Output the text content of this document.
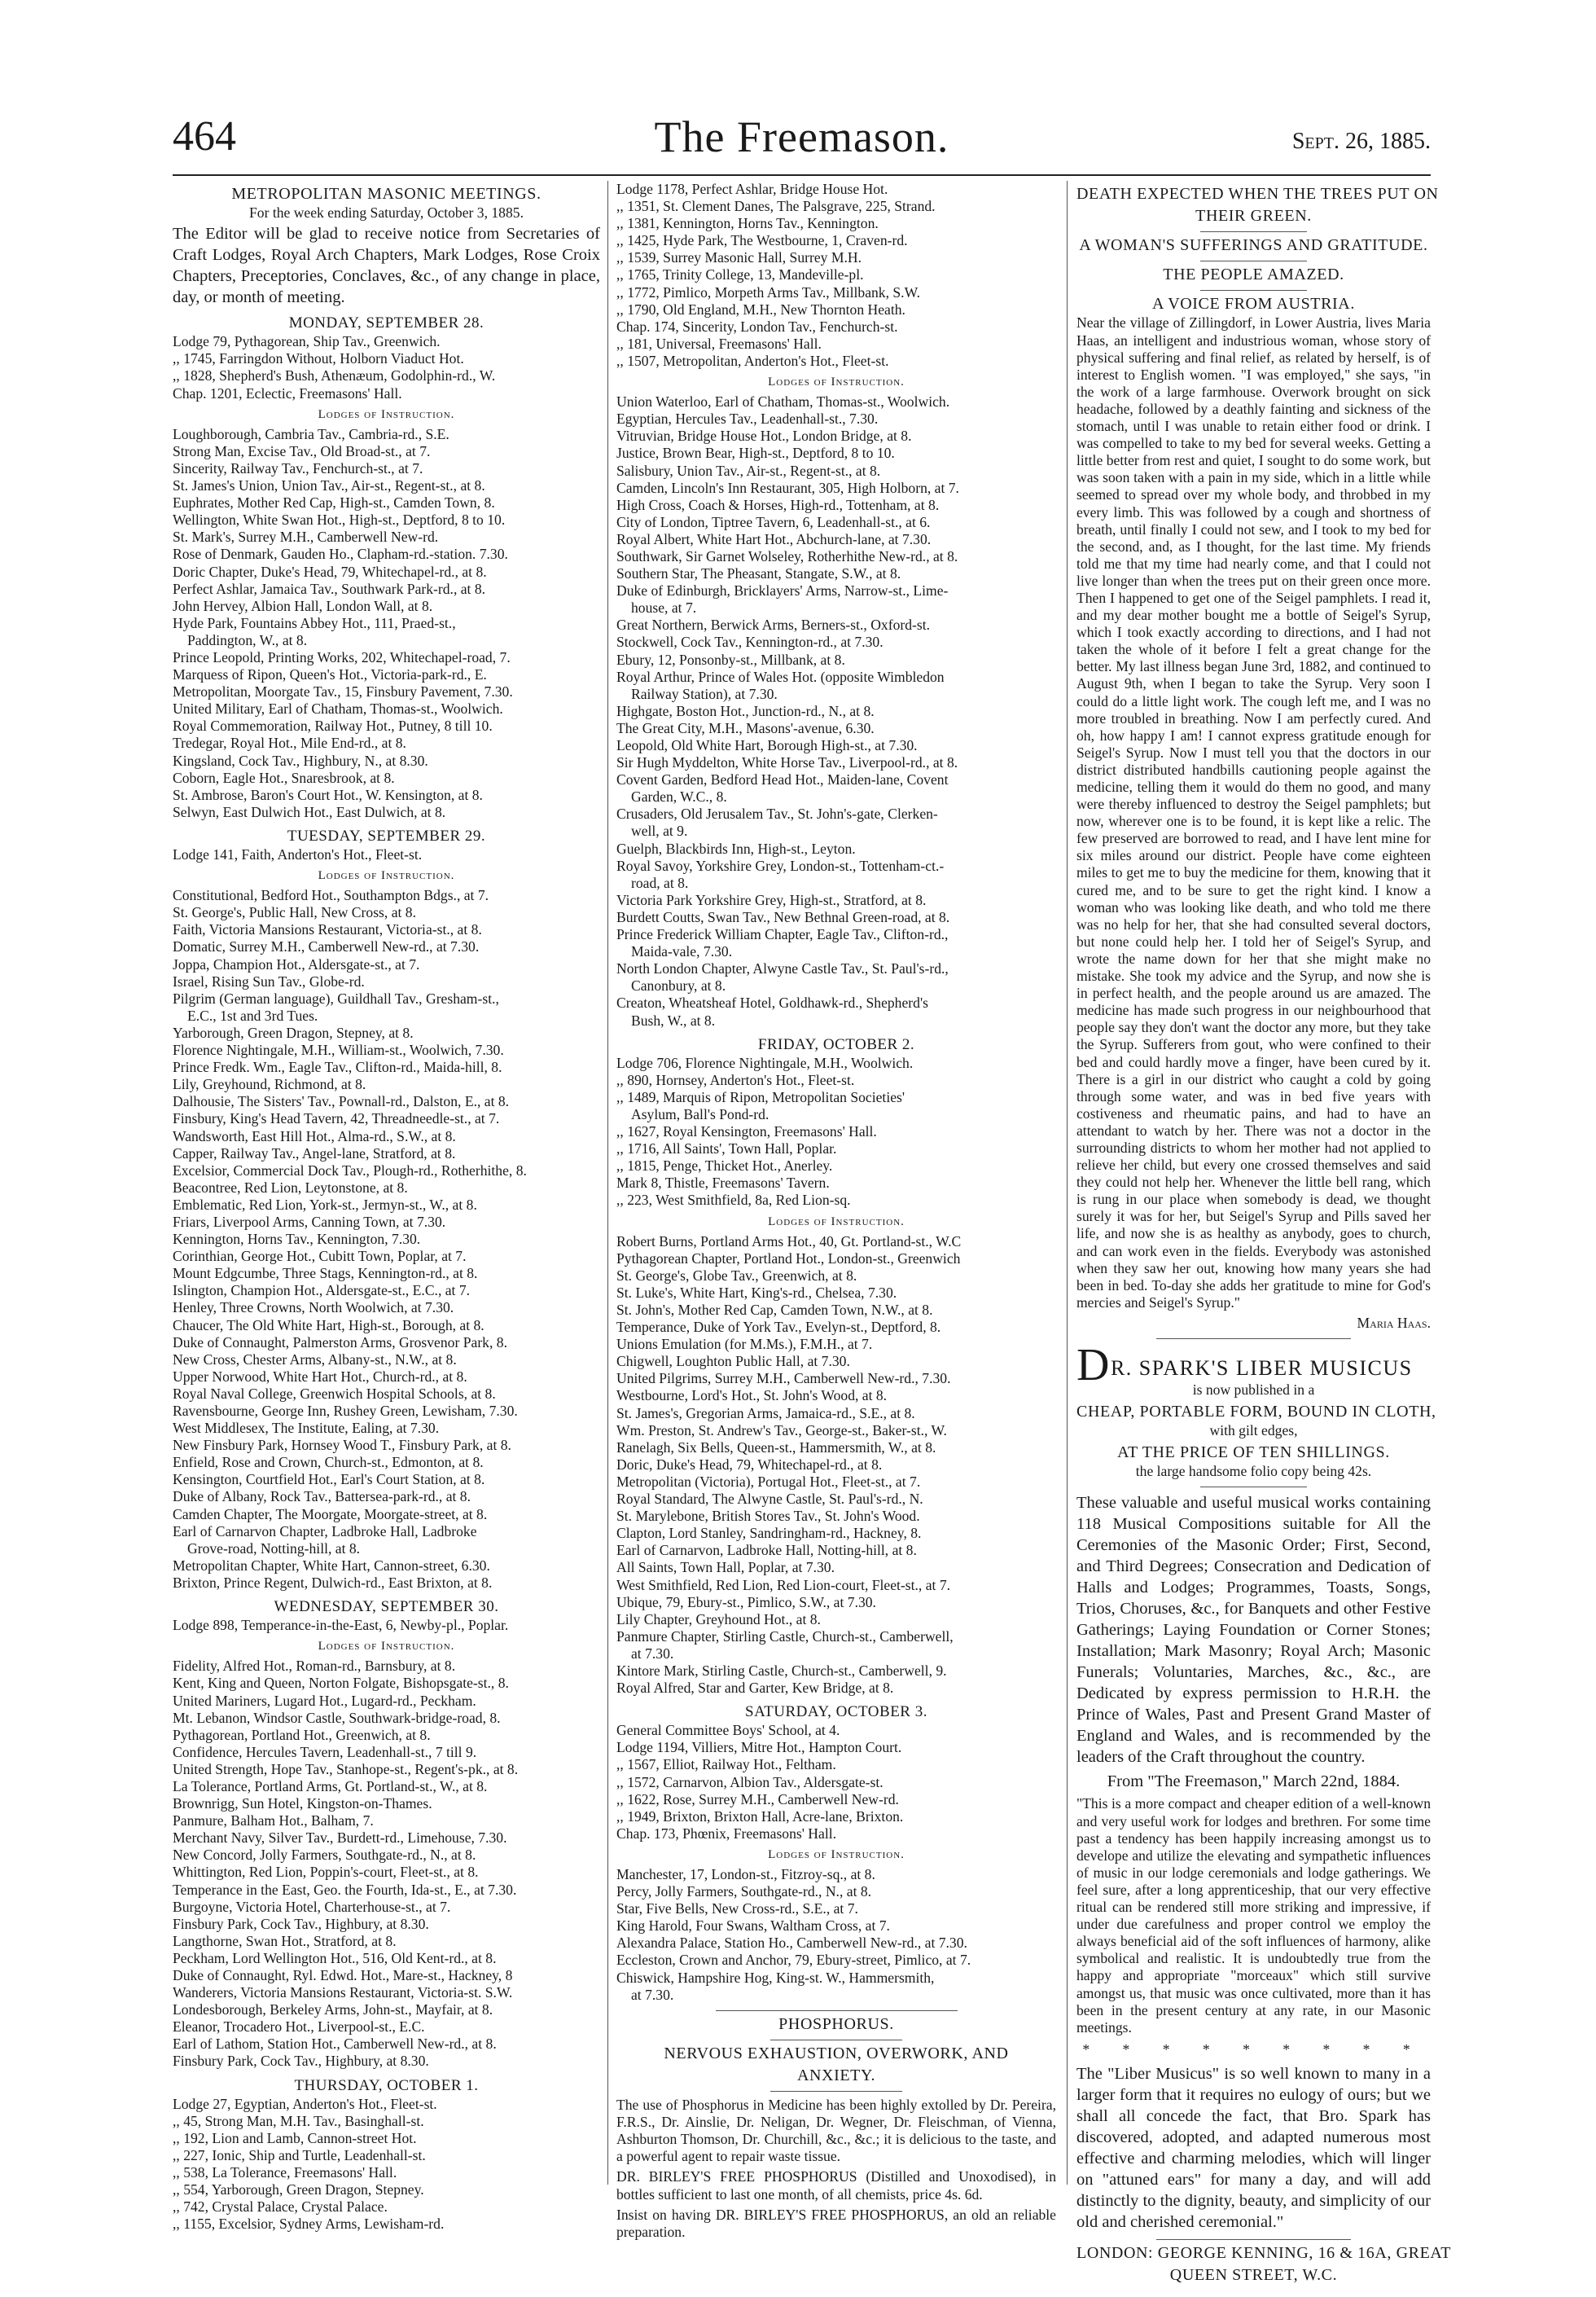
464	The Freemason.	Sept. 26, 1885.
METROPOLITAN MASONIC MEETINGS.
For the week ending Saturday, October 3, 1885.
The Editor will be glad to receive notice from Secretaries of Craft Lodges, Royal Arch Chapters, Mark Lodges, Rose Croix Chapters, Preceptories, Conclaves, &c., of any change in place, day, or month of meeting.
MONDAY, SEPTEMBER 28.
Lodge 79, Pythagorean, Ship Tav., Greenwich.
,, 1745, Farringdon Without, Holborn Viaduct Hot.
,, 1828, Shepherd's Bush, Athenæum, Godolphin-rd., W.
Chap. 1201, Eclectic, Freemasons' Hall.
Lodges of Instruction.
Loughborough, Cambria Tav., Cambria-rd., S.E.
Strong Man, Excise Tav., Old Broad-st., at 7.
Sincerity, Railway Tav., Fenchurch-st., at 7.
St. James's Union, Union Tav., Air-st., Regent-st., at 8.
Euphrates, Mother Red Cap, High-st., Camden Town, 8.
Wellington, White Swan Hot., High-st., Deptford, 8 to 10.
St. Mark's, Surrey M.H., Camberwell New-rd.
Rose of Denmark, Gauden Ho., Clapham-rd.-station. 7.30.
Doric Chapter, Duke's Head, 79, Whitechapel-rd., at 8.
Perfect Ashlar, Jamaica Tav., Southwark Park-rd., at 8.
John Hervey, Albion Hall, London Wall, at 8.
Hyde Park, Fountains Abbey Hot., 111, Praed-st.,
Paddington, W., at 8.
Prince Leopold, Printing Works, 202, Whitechapel-road, 7.
Marquess of Ripon, Queen's Hot., Victoria-park-rd., E.
Metropolitan, Moorgate Tav., 15, Finsbury Pavement, 7.30.
United Military, Earl of Chatham, Thomas-st., Woolwich.
Royal Commemoration, Railway Hot., Putney, 8 till 10.
Tredegar, Royal Hot., Mile End-rd., at 8.
Kingsland, Cock Tav., Highbury, N., at 8.30.
Coborn, Eagle Hot., Snaresbrook, at 8.
St. Ambrose, Baron's Court Hot., W. Kensington, at 8.
Selwyn, East Dulwich Hot., East Dulwich, at 8.
TUESDAY, SEPTEMBER 29.
Lodge 141, Faith, Anderton's Hot., Fleet-st.
Lodges of Instruction.
Constitutional, Bedford Hot., Southampton Bdgs., at 7.
St. George's, Public Hall, New Cross, at 8.
Faith, Victoria Mansions Restaurant, Victoria-st., at 8.
Domatic, Surrey M.H., Camberwell New-rd., at 7.30.
Joppa, Champion Hot., Aldersgate-st., at 7.
Israel, Rising Sun Tav., Globe-rd.
Pilgrim (German language), Guildhall Tav., Gresham-st.,
E.C., 1st and 3rd Tues.
Yarborough, Green Dragon, Stepney, at 8.
Florence Nightingale, M.H., William-st., Woolwich, 7.30.
Prince Fredk. Wm., Eagle Tav., Clifton-rd., Maida-hill, 8.
Lily, Greyhound, Richmond, at 8.
Dalhousie, The Sisters' Tav., Pownall-rd., Dalston, E., at 8.
Finsbury, King's Head Tavern, 42, Threadneedle-st., at 7.
Wandsworth, East Hill Hot., Alma-rd., S.W., at 8.
Capper, Railway Tav., Angel-lane, Stratford, at 8.
Excelsior, Commercial Dock Tav., Plough-rd., Rotherhithe, 8.
Beacontree, Red Lion, Leytonstone, at 8.
Emblematic, Red Lion, York-st., Jermyn-st., W., at 8.
Friars, Liverpool Arms, Canning Town, at 7.30.
Kennington, Horns Tav., Kennington, 7.30.
Corinthian, George Hot., Cubitt Town, Poplar, at 7.
Mount Edgcumbe, Three Stags, Kennington-rd., at 8.
Islington, Champion Hot., Aldersgate-st., E.C., at 7.
Henley, Three Crowns, North Woolwich, at 7.30.
Chaucer, The Old White Hart, High-st., Borough, at 8.
Duke of Connaught, Palmerston Arms, Grosvenor Park, 8.
New Cross, Chester Arms, Albany-st., N.W., at 8.
Upper Norwood, White Hart Hot., Church-rd., at 8.
Royal Naval College, Greenwich Hospital Schools, at 8.
Ravensbourne, George Inn, Rushey Green, Lewisham, 7.30.
West Middlesex, The Institute, Ealing, at 7.30.
New Finsbury Park, Hornsey Wood T., Finsbury Park, at 8.
Enfield, Rose and Crown, Church-st., Edmonton, at 8.
Kensington, Courtfield Hot., Earl's Court Station, at 8.
Duke of Albany, Rock Tav., Battersea-park-rd., at 8.
Camden Chapter, The Moorgate, Moorgate-street, at 8.
Earl of Carnarvon Chapter, Ladbroke Hall, Ladbroke
Grove-road, Notting-hill, at 8.
Metropolitan Chapter, White Hart, Cannon-street, 6.30.
Brixton, Prince Regent, Dulwich-rd., East Brixton, at 8.
WEDNESDAY, SEPTEMBER 30.
Lodge 898, Temperance-in-the-East, 6, Newby-pl., Poplar.
Lodges of Instruction.
Fidelity, Alfred Hot., Roman-rd., Barnsbury, at 8.
Kent, King and Queen, Norton Folgate, Bishopsgate-st., 8.
United Mariners, Lugard Hot., Lugard-rd., Peckham.
Mt. Lebanon, Windsor Castle, Southwark-bridge-road, 8.
Pythagorean, Portland Hot., Greenwich, at 8.
Confidence, Hercules Tavern, Leadenhall-st., 7 till 9.
United Strength, Hope Tav., Stanhope-st., Regent's-pk., at 8.
La Tolerance, Portland Arms, Gt. Portland-st., W., at 8.
Brownrigg, Sun Hotel, Kingston-on-Thames.
Panmure, Balham Hot., Balham, 7.
Merchant Navy, Silver Tav., Burdett-rd., Limehouse, 7.30.
New Concord, Jolly Farmers, Southgate-rd., N., at 8.
Whittington, Red Lion, Poppin's-court, Fleet-st., at 8.
Temperance in the East, Geo. the Fourth, Ida-st., E., at 7.30.
Burgoyne, Victoria Hotel, Charterhouse-st., at 7.
Finsbury Park, Cock Tav., Highbury, at 8.30.
Langthorne, Swan Hot., Stratford, at 8.
Peckham, Lord Wellington Hot., 516, Old Kent-rd., at 8.
Duke of Connaught, Ryl. Edwd. Hot., Mare-st., Hackney, 8
Wanderers, Victoria Mansions Restaurant, Victoria-st. S.W.
Londesborough, Berkeley Arms, John-st., Mayfair, at 8.
Eleanor, Trocadero Hot., Liverpool-st., E.C.
Earl of Lathom, Station Hot., Camberwell New-rd., at 8.
Finsbury Park, Cock Tav., Highbury, at 8.30.
THURSDAY, OCTOBER 1.
Lodge 27, Egyptian, Anderton's Hot., Fleet-st.
,, 45, Strong Man, M.H. Tav., Basinghall-st.
,, 192, Lion and Lamb, Cannon-street Hot.
,, 227, Ionic, Ship and Turtle, Leadenhall-st.
,, 538, La Tolerance, Freemasons' Hall.
,, 554, Yarborough, Green Dragon, Stepney.
,, 742, Crystal Palace, Crystal Palace.
,, 1155, Excelsior, Sydney Arms, Lewisham-rd.
Lodge 1178, Perfect Ashlar, Bridge House Hot.
,, 1351, St. Clement Danes, The Palsgrave, 225, Strand.
,, 1381, Kennington, Horns Tav., Kennington.
,, 1425, Hyde Park, The Westbourne, 1, Craven-rd.
,, 1539, Surrey Masonic Hall, Surrey M.H.
,, 1765, Trinity College, 13, Mandeville-pl.
,, 1772, Pimlico, Morpeth Arms Tav., Millbank, S.W.
,, 1790, Old England, M.H., New Thornton Heath.
Chap. 174, Sincerity, London Tav., Fenchurch-st.
,, 181, Universal, Freemasons' Hall.
,, 1507, Metropolitan, Anderton's Hot., Fleet-st.
Lodges of Instruction.
Union Waterloo, Earl of Chatham, Thomas-st., Woolwich.
Egyptian, Hercules Tav., Leadenhall-st., 7.30.
Vitruvian, Bridge House Hot., London Bridge, at 8.
Justice, Brown Bear, High-st., Deptford, 8 to 10.
Salisbury, Union Tav., Air-st., Regent-st., at 8.
Camden, Lincoln's Inn Restaurant, 305, High Holborn, at 7.
High Cross, Coach & Horses, High-rd., Tottenham, at 8.
City of London, Tiptree Tavern, 6, Leadenhall-st., at 6.
Royal Albert, White Hart Hot., Abchurch-lane, at 7.30.
Southwark, Sir Garnet Wolseley, Rotherhithe New-rd., at 8.
Southern Star, The Pheasant, Stangate, S.W., at 8.
Duke of Edinburgh, Bricklayers' Arms, Narrow-st., Lime-
house, at 7.
Great Northern, Berwick Arms, Berners-st., Oxford-st.
Stockwell, Cock Tav., Kennington-rd., at 7.30.
Ebury, 12, Ponsonby-st., Millbank, at 8.
Royal Arthur, Prince of Wales Hot. (opposite Wimbledon
Railway Station), at 7.30.
Highgate, Boston Hot., Junction-rd., N., at 8.
The Great City, M.H., Masons'-avenue, 6.30.
Leopold, Old White Hart, Borough High-st., at 7.30.
Sir Hugh Myddelton, White Horse Tav., Liverpool-rd., at 8.
Covent Garden, Bedford Head Hot., Maiden-lane, Covent
Garden, W.C., 8.
Crusaders, Old Jerusalem Tav., St. John's-gate, Clerken-
well, at 9.
Guelph, Blackbirds Inn, High-st., Leyton.
Royal Savoy, Yorkshire Grey, London-st., Tottenham-ct.-
road, at 8.
Victoria Park Yorkshire Grey, High-st., Stratford, at 8.
Burdett Coutts, Swan Tav., New Bethnal Green-road, at 8.
Prince Frederick William Chapter, Eagle Tav., Clifton-rd.,
Maida-vale, 7.30.
North London Chapter, Alwyne Castle Tav., St. Paul's-rd.,
Canonbury, at 8.
Creaton, Wheatsheaf Hotel, Goldhawk-rd., Shepherd's
Bush, W., at 8.
FRIDAY, OCTOBER 2.
Lodge 706, Florence Nightingale, M.H., Woolwich.
,, 890, Hornsey, Anderton's Hot., Fleet-st.
,, 1489, Marquis of Ripon, Metropolitan Societies'
Asylum, Ball's Pond-rd.
,, 1627, Royal Kensington, Freemasons' Hall.
,, 1716, All Saints', Town Hall, Poplar.
,, 1815, Penge, Thicket Hot., Anerley.
Mark 8, Thistle, Freemasons' Tavern.
,, 223, West Smithfield, 8a, Red Lion-sq.
Lodges of Instruction.
Robert Burns, Portland Arms Hot., 40, Gt. Portland-st., W.C
Pythagorean Chapter, Portland Hot., London-st., Greenwich
St. George's, Globe Tav., Greenwich, at 8.
St. Luke's, White Hart, King's-rd., Chelsea, 7.30.
St. John's, Mother Red Cap, Camden Town, N.W., at 8.
Temperance, Duke of York Tav., Evelyn-st., Deptford, 8.
Unions Emulation (for M.Ms.), F.M.H., at 7.
Chigwell, Loughton Public Hall, at 7.30.
United Pilgrims, Surrey M.H., Camberwell New-rd., 7.30.
Westbourne, Lord's Hot., St. John's Wood, at 8.
St. James's, Gregorian Arms, Jamaica-rd., S.E., at 8.
Wm. Preston, St. Andrew's Tav., George-st., Baker-st., W.
Ranelagh, Six Bells, Queen-st., Hammersmith, W., at 8.
Doric, Duke's Head, 79, Whitechapel-rd., at 8.
Metropolitan (Victoria), Portugal Hot., Fleet-st., at 7.
Royal Standard, The Alwyne Castle, St. Paul's-rd., N.
St. Marylebone, British Stores Tav., St. John's Wood.
Clapton, Lord Stanley, Sandringham-rd., Hackney, 8.
Earl of Carnarvon, Ladbroke Hall, Notting-hill, at 8.
All Saints, Town Hall, Poplar, at 7.30.
West Smithfield, Red Lion, Red Lion-court, Fleet-st., at 7.
Ubique, 79, Ebury-st., Pimlico, S.W., at 7.30.
Lily Chapter, Greyhound Hot., at 8.
Panmure Chapter, Stirling Castle, Church-st., Camberwell,
at 7.30.
Kintore Mark, Stirling Castle, Church-st., Camberwell, 9.
Royal Alfred, Star and Garter, Kew Bridge, at 8.
SATURDAY, OCTOBER 3.
General Committee Boys' School, at 4.
Lodge 1194, Villiers, Mitre Hot., Hampton Court.
,, 1567, Elliot, Railway Hot., Feltham.
,, 1572, Carnarvon, Albion Tav., Aldersgate-st.
,, 1622, Rose, Surrey M.H., Camberwell New-rd.
,, 1949, Brixton, Brixton Hall, Acre-lane, Brixton.
Chap. 173, Phœnix, Freemasons' Hall.
Lodges of Instruction.
Manchester, 17, London-st., Fitzroy-sq., at 8.
Percy, Jolly Farmers, Southgate-rd., N., at 8.
Star, Five Bells, New Cross-rd., S.E., at 7.
King Harold, Four Swans, Waltham Cross, at 7.
Alexandra Palace, Station Ho., Camberwell New-rd., at 7.30.
Eccleston, Crown and Anchor, 79, Ebury-street, Pimlico, at 7.
Chiswick, Hampshire Hog, King-st. W., Hammersmith,
at 7.30.
PHOSPHORUS.
NERVOUS EXHAUSTION, OVERWORK, AND
ANXIETY.
The use of Phosphorus in Medicine has been highly extolled by Dr. Pereira, F.R.S., Dr. Ainslie, Dr. Neligan, Dr. Wegner, Dr. Fleischman, of Vienna, Ashburton Thomson, Dr. Churchill, &c., &c.; it is delicious to the taste, and a powerful agent to repair waste tissue.
DR. BIRLEY'S FREE PHOSPHORUS (Distilled and Unoxodised), in bottles sufficient to last one month, of all chemists, price 4s. 6d.
Insist on having DR. BIRLEY'S FREE PHOSPHORUS, an old an reliable preparation.
DEATH EXPECTED WHEN THE TREES PUT ON
THEIR GREEN.
A WOMAN'S SUFFERINGS AND GRATITUDE.
THE PEOPLE AMAZED.
A VOICE FROM AUSTRIA.
Near the village of Zillingdorf, in Lower Austria, lives Maria Haas, an intelligent and industrious woman, whose story of physical suffering and final relief, as related by herself, is of interest to English women. "I was employed," she says, "in the work of a large farmhouse. Overwork brought on sick headache, followed by a deathly fainting and sickness of the stomach, until I was unable to retain either food or drink. I was compelled to take to my bed for several weeks. Getting a little better from rest and quiet, I sought to do some work, but was soon taken with a pain in my side, which in a little while seemed to spread over my whole body, and throbbed in my every limb. This was followed by a cough and shortness of breath, until finally I could not sew, and I took to my bed for the second, and, as I thought, for the last time. My friends told me that my time had nearly come, and that I could not live longer than when the trees put on their green once more. Then I happened to get one of the Seigel pamphlets. I read it, and my dear mother bought me a bottle of Seigel's Syrup, which I took exactly according to directions, and I had not taken the whole of it before I felt a great change for the better. My last illness began June 3rd, 1882, and continued to August 9th, when I began to take the Syrup. Very soon I could do a little light work. The cough left me, and I was no more troubled in breathing. Now I am perfectly cured. And oh, how happy I am! I cannot express gratitude enough for Seigel's Syrup. Now I must tell you that the doctors in our district distributed handbills cautioning people against the medicine, telling them it would do them no good, and many were thereby influenced to destroy the Seigel pamphlets; but now, wherever one is to be found, it is kept like a relic. The few preserved are borrowed to read, and I have lent mine for six miles around our district. People have come eighteen miles to get me to buy the medicine for them, knowing that it cured me, and to be sure to get the right kind. I know a woman who was looking like death, and who told me there was no help for her, that she had consulted several doctors, but none could help her. I told her of Seigel's Syrup, and wrote the name down for her that she might make no mistake. She took my advice and the Syrup, and now she is in perfect health, and the people around us are amazed. The medicine has made such progress in our neighbourhood that people say they don't want the doctor any more, but they take the Syrup. Sufferers from gout, who were confined to their bed and could hardly move a finger, have been cured by it. There is a girl in our district who caught a cold by going through some water, and was in bed five years with costiveness and rheumatic pains, and had to have an attendant to watch by her. There was not a doctor in the surrounding districts to whom her mother had not applied to relieve her child, but every one crossed themselves and said they could not help her. Whenever the little bell rang, which is rung in our place when somebody is dead, we thought surely it was for her, but Seigel's Syrup and Pills saved her life, and now she is as healthy as anybody, goes to church, and can work even in the fields. Everybody was astonished when they saw her out, knowing how many years she had been in bed. To-day she adds her gratitude to mine for God's mercies and Seigel's Syrup."
Maria Haas.
DR. SPARK'S LIBER MUSICUS
is now published in a
CHEAP, PORTABLE FORM, BOUND IN CLOTH,
with gilt edges,
AT THE PRICE OF TEN SHILLINGS.
the large handsome folio copy being 42s.
These valuable and useful musical works containing 118 Musical Compositions suitable for All the Ceremonies of the Masonic Order; First, Second, and Third Degrees; Consecration and Dedication of Halls and Lodges; Programmes, Toasts, Songs, Trios, Choruses, &c., for Banquets and other Festive Gatherings; Laying Foundation or Corner Stones; Installation; Mark Masonry; Royal Arch; Masonic Funerals; Voluntaries, Marches, &c., &c., are Dedicated by express permission to H.R.H. the Prince of Wales, Past and Present Grand Master of England and Wales, and is recommended by the leaders of the Craft throughout the country.
From "The Freemason," March 22nd, 1884.
"This is a more compact and cheaper edition of a well-known and very useful work for lodges and brethren. For some time past a tendency has been happily increasing amongst us to develope and utilize the elevating and sympathetic influences of music in our lodge ceremonials and lodge gatherings. We feel sure, after a long apprenticeship, that our very effective ritual can be rendered still more striking and impressive, if under due carefulness and proper control we employ the always beneficial aid of the soft influences of harmony, alike symbolical and realistic. It is undoubtedly true from the happy and appropriate "morceaux" which still survive amongst us, that music was once cultivated, more than it has been in the present century at any rate, in our Masonic meetings.
* * * * * * * * *
The "Liber Musicus" is so well known to many in a larger form that it requires no eulogy of ours; but we shall all concede the fact, that Bro. Spark has discovered, adopted, and adapted numerous most effective and charming melodies, which will linger on "attuned ears" for many a day, and will add distinctly to the dignity, beauty, and simplicity of our old and cherished ceremonial."
LONDON: GEORGE KENNING, 16 & 16A, GREAT
QUEEN STREET, W.C.
